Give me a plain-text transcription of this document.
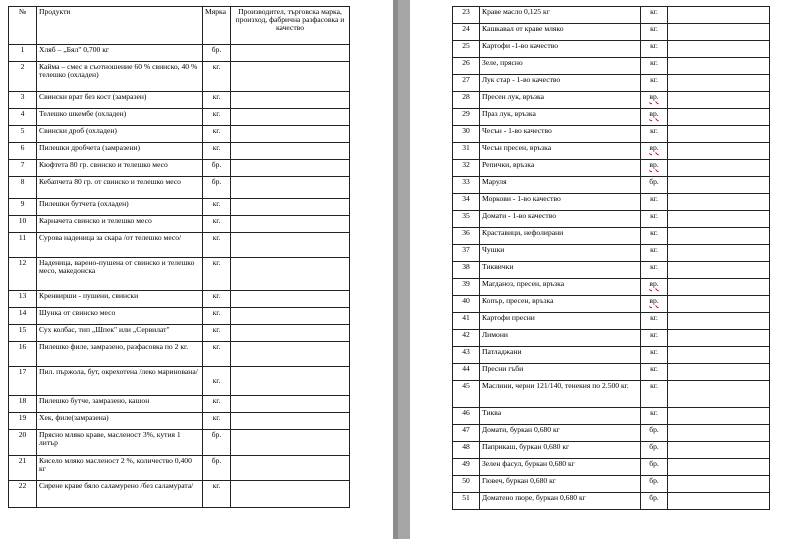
№	Продукти	Мярка	Производител, търговска марка, произход, фабрична разфасовка и качество
1	Хляб – „Бял" 0,700 кг	бр.	
2	Кайма – смес в съотношение 60 % свинско, 40 % телешко (охладен)	кг.	
3	Свински врат без кост (замразен)	кг.	
4	Телешко шкембе (охладен)	кг.	
5	Свински дроб (охладен)	кг.	
6	Пилешки дробчета (замразени)	кг.	
7	Кюфтета 80 гр. свинско и телешко месо	бр.	
8	Кебапчета 80 гр. от свинско и телешко месо	бр.	
9	Пилешки бутчета (охладен)	кг.	
10	Карначета свинско и телешко месо	кг.	
11	Сурова наденица за скара /от телешко месо/	кг.	
12	Наденица, варено-пушена от свинско и телешко месо, македонска	кг.	
13	Кренвирши - пушени, свински	кг.	
14	Шунка от свинско месо	кг.	
15	Сух колбас, тип „Шпек" или „Сервилат"	кг.	
16	Пилешко филе, замразено, разфасовка по 2 кг.	кг.	
17	Пил. пържола, бут, окрехотена /леко маринована/	кг.	
18	Пилешко бутче, замразено, кашон	кг.	
19	Хек, филе(замразена)	кг.	
20	Прясно мляко краве, масленост 3%, кутия 1 литър	бр.	
21	Кисело мляко масленост 2 %, количество 0,400 кг	бр.	
22	Сирене краве бяло саламурено /без саламурата/	кг.	
23	Краве масло 0,125 кг	кг.	
24	Кашкавал от краве мляко	кг.	
25	Картофи -1-во качество	кг.	
26	Зеле, прясно	кг.	
27	Лук стар - 1-во качество	кг.	
28	Пресен лук, връзка	вр.	
29	Праз лук, връзка	вр.	
30	Чесън - 1-во качество	кг.	
31	Чесън пресен, връзка	вр.	
32	Репички, връзка	вр.	
33	Маруля	бр.	
34	Моркови - 1-во качество	кг.	
35	Домати - 1-во качество	кг.	
36	Краставици, нефолирани	кг.	
37	Чушки	кг.	
38	Тиквички	кг.	
39	Магданоз, пресен, връзка	вр.	
40	Копър, пресен, връзка	вр.	
41	Картофи пресни	кг.	
42	Лимони	кг.	
43	Патладжани	кг.	
44	Пресни гъби	кг.	
45	Маслини, черни 121/140, тенекия по 2.500 кг.	кг.	
46	Тиква	кг.	
47	Домати, буркан 0,680 кг	бр.	
48	Паприкаш, буркан 0,680 кг	бр.	
49	Зелен фасул, буркан 0,680 кг	бр.	
50	Гювеч, буркан 0,680 кг	бр.	
51	Доматено пюре, буркан 0,680 кг	бр.	
